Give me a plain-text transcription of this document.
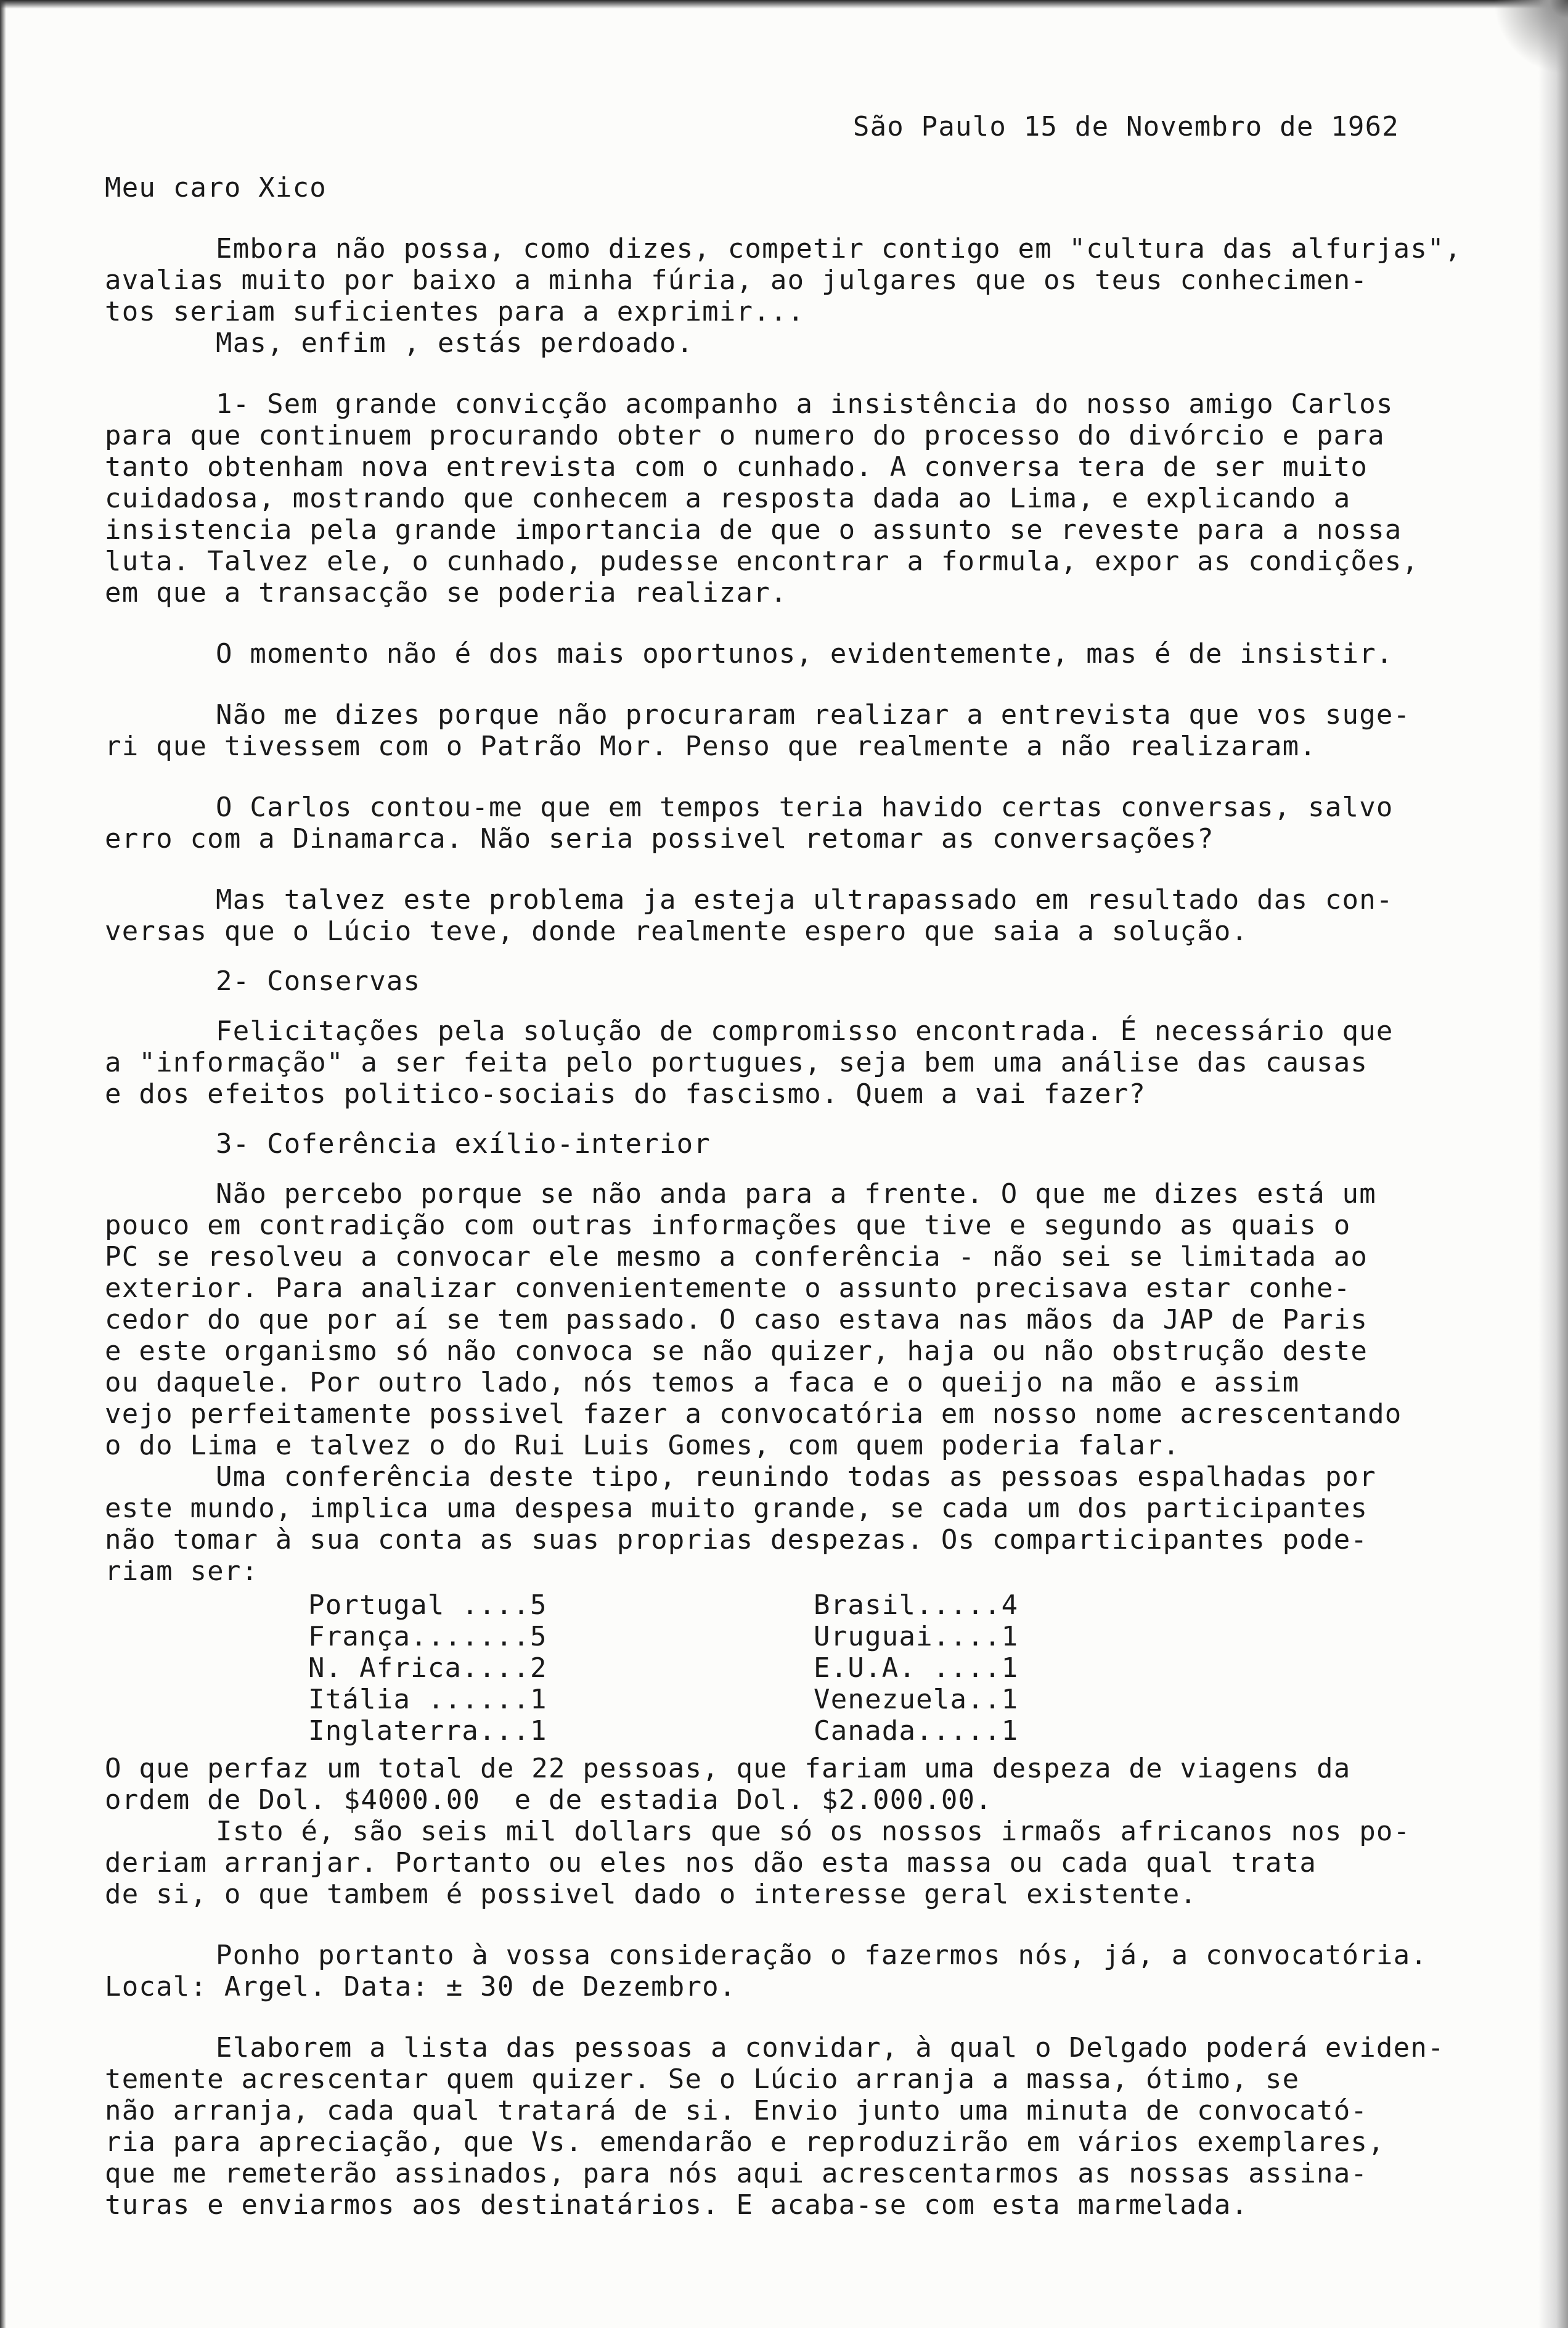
São Paulo 15 de Novembro de 1962
Meu caro Xico
Embora não possa, como dizes, competir contigo em "cultura das alfurjas",
avalias muito por baixo a minha fúria, ao julgares que os teus conhecimen-
tos seriam suficientes para a exprimir...
Mas, enfim , estás perdoado.
1- Sem grande convicção acompanho a insistência do nosso amigo Carlos
para que continuem procurando obter o numero do processo do divórcio e para
tanto obtenham nova entrevista com o cunhado. A conversa tera de ser muito
cuidadosa, mostrando que conhecem a resposta dada ao Lima, e explicando a
insistencia pela grande importancia de que o assunto se reveste para a nossa
luta. Talvez ele, o cunhado, pudesse encontrar a formula, expor as condições,
em que a transacção se poderia realizar.
O momento não é dos mais oportunos, evidentemente, mas é de insistir.
Não me dizes porque não procuraram realizar a entrevista que vos suge-
ri que tivessem com o Patrão Mor. Penso que realmente a não realizaram.
O Carlos contou-me que em tempos teria havido certas conversas, salvo
erro com a Dinamarca. Não seria possivel retomar as conversações?
Mas talvez este problema ja esteja ultrapassado em resultado das con-
versas que o Lúcio teve, donde realmente espero que saia a solução.
2- Conservas
Felicitações pela solução de compromisso encontrada. É necessário que
a "informação" a ser feita pelo portugues, seja bem uma análise das causas
e dos efeitos politico-sociais do fascismo. Quem a vai fazer?
3- Coferência exílio-interior
Não percebo porque se não anda para a frente. O que me dizes está um
pouco em contradição com outras informações que tive e segundo as quais o
PC se resolveu a convocar ele mesmo a conferência - não sei se limitada ao
exterior. Para analizar convenientemente o assunto precisava estar conhe-
cedor do que por aí se tem passado. O caso estava nas mãos da JAP de Paris
e este organismo só não convoca se não quizer, haja ou não obstrução deste
ou daquele. Por outro lado, nós temos a faca e o queijo na mão e assim
vejo perfeitamente possivel fazer a convocatória em nosso nome acrescentando
o do Lima e talvez o do Rui Luis Gomes, com quem poderia falar.
Uma conferência deste tipo, reunindo todas as pessoas espalhadas por
este mundo, implica uma despesa muito grande, se cada um dos participantes
não tomar à sua conta as suas proprias despezas. Os comparticipantes pode-
riam ser:
Portugal ....5	Brasil.....4
França.......5	Uruguai....1
N. Africa....2	E.U.A. ....1
Itália ......1	Venezuela..1
Inglaterra...1	Canada.....1
O que perfaz um total de 22 pessoas, que fariam uma despeza de viagens da
ordem de Dol. $4000.00  e de estadia Dol. $2.000.00.
Isto é, são seis mil dollars que só os nossos irmaõs africanos nos po-
deriam arranjar. Portanto ou eles nos dão esta massa ou cada qual trata
de si, o que tambem é possivel dado o interesse geral existente.
Ponho portanto à vossa consideração o fazermos nós, já, a convocatória.
Local: Argel. Data: ± 30 de Dezembro.
Elaborem a lista das pessoas a convidar, à qual o Delgado poderá eviden-
temente acrescentar quem quizer. Se o Lúcio arranja a massa, ótimo, se
não arranja, cada qual tratará de si. Envio junto uma minuta de convocató-
ria para apreciação, que Vs. emendarão e reproduzirão em vários exemplares,
que me remeterão assinados, para nós aqui acrescentarmos as nossas assina-
turas e enviarmos aos destinatários. E acaba-se com esta marmelada.
